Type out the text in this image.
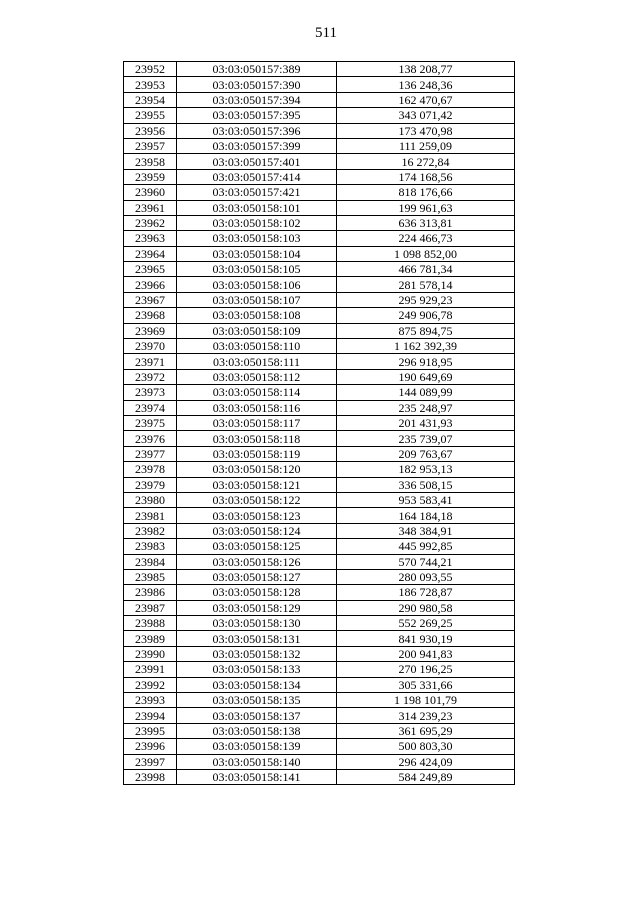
511
23952	03:03:050157:389	138 208,77
23953	03:03:050157:390	136 248,36
23954	03:03:050157:394	162 470,67
23955	03:03:050157:395	343 071,42
23956	03:03:050157:396	173 470,98
23957	03:03:050157:399	111 259,09
23958	03:03:050157:401	16 272,84
23959	03:03:050157:414	174 168,56
23960	03:03:050157:421	818 176,66
23961	03:03:050158:101	199 961,63
23962	03:03:050158:102	636 313,81
23963	03:03:050158:103	224 466,73
23964	03:03:050158:104	1 098 852,00
23965	03:03:050158:105	466 781,34
23966	03:03:050158:106	281 578,14
23967	03:03:050158:107	295 929,23
23968	03:03:050158:108	249 906,78
23969	03:03:050158:109	875 894,75
23970	03:03:050158:110	1 162 392,39
23971	03:03:050158:111	296 918,95
23972	03:03:050158:112	190 649,69
23973	03:03:050158:114	144 089,99
23974	03:03:050158:116	235 248,97
23975	03:03:050158:117	201 431,93
23976	03:03:050158:118	235 739,07
23977	03:03:050158:119	209 763,67
23978	03:03:050158:120	182 953,13
23979	03:03:050158:121	336 508,15
23980	03:03:050158:122	953 583,41
23981	03:03:050158:123	164 184,18
23982	03:03:050158:124	348 384,91
23983	03:03:050158:125	445 992,85
23984	03:03:050158:126	570 744,21
23985	03:03:050158:127	280 093,55
23986	03:03:050158:128	186 728,87
23987	03:03:050158:129	290 980,58
23988	03:03:050158:130	552 269,25
23989	03:03:050158:131	841 930,19
23990	03:03:050158:132	200 941,83
23991	03:03:050158:133	270 196,25
23992	03:03:050158:134	305 331,66
23993	03:03:050158:135	1 198 101,79
23994	03:03:050158:137	314 239,23
23995	03:03:050158:138	361 695,29
23996	03:03:050158:139	500 803,30
23997	03:03:050158:140	296 424,09
23998	03:03:050158:141	584 249,89
